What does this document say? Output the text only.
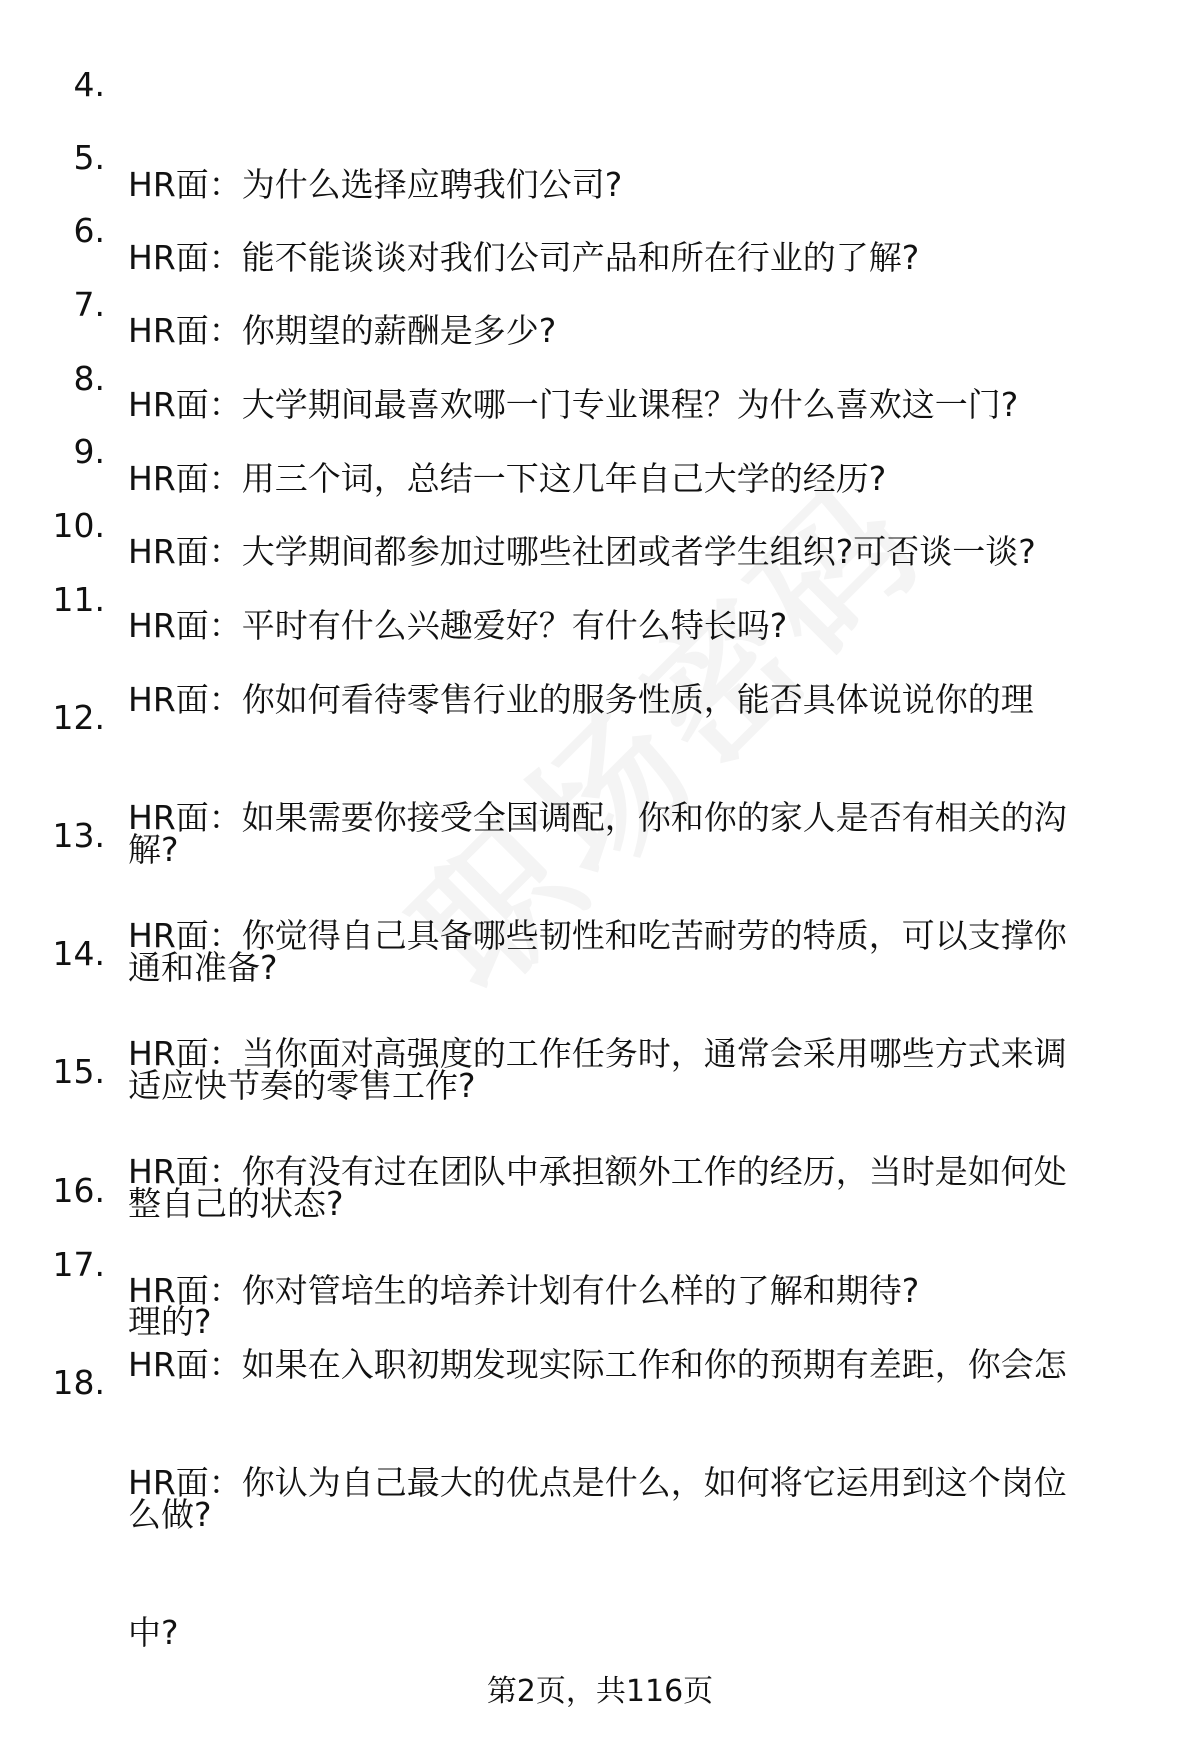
4.

HR面：为什么选择应聘我们公司?

5.

HR面：能不能谈谈对我们公司产品和所在行业的了解?

6.

HR面：你期望的薪酬是多少?

7.

HR面：大学期间最喜欢哪一门专业课程？为什么喜欢这一门?

8.

HR面：用三个词，总结一下这几年自己大学的经历?

9.

HR面：大学期间都参加过哪些社团或者学生组织?可否谈一谈?

10.

HR面：平时有什么兴趣爱好？有什么特长吗?

11.

HR面：你如何看待零售行业的服务性质，能否具体说说你的理

解?

12.

HR面：如果需要你接受全国调配，你和你的家人是否有相关的沟

通和准备?

13.

HR面：你觉得自己具备哪些韧性和吃苦耐劳的特质，可以支撑你

适应快节奏的零售工作?

14.

HR面：当你面对高强度的工作任务时，通常会采用哪些方式来调

整自己的状态?

15.

HR面：你有没有过在团队中承担额外工作的经历，当时是如何处

理的?

16.

HR面：你对管培生的培养计划有什么样的了解和期待?

17.

HR面：如果在入职初期发现实际工作和你的预期有差距，你会怎

么做?

18.

HR面：你认为自己最大的优点是什么，如何将它运用到这个岗位

中?

第2页，共116页
